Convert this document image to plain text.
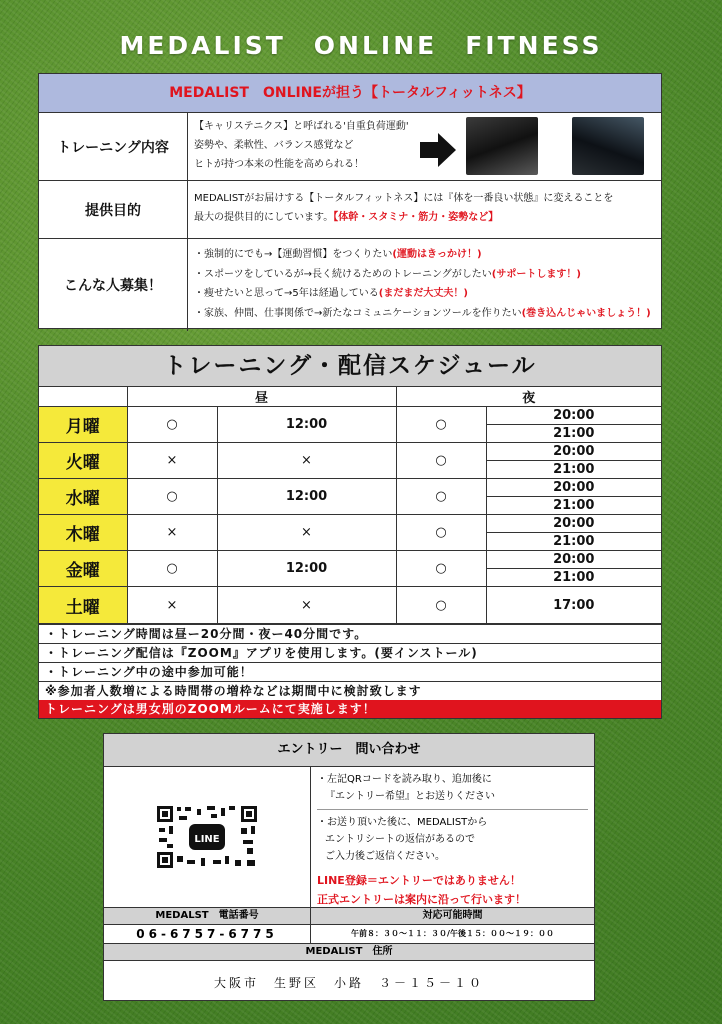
MEDALIST　ONLINE　FITNESS
MEDALIST　ONLINEが担う【トータルフィットネス】
トレーニング内容
【キャリステニクス】と呼ばれる'自重負荷運動'
姿勢や、柔軟性、バランス感覚など
ヒトが持つ本来の性能を高められる！
提供目的
MEDALISTがお届けする【トータルフィットネス】には『体を一番良い状態』に変えることを
最大の提供目的にしています。【体幹・スタミナ・筋力・姿勢など】
こんな人募集！
・強制的にでも→【運動習慣】をつくりたい(運動はきっかけ！)
・スポーツをしているが→長く続けるためのトレーニングがしたい(サポートします！)
・痩せたいと思って→5年は経過している(まだまだ大丈夫！)
・家族、仲間、仕事関係で→新たなコミュニケーションツールを作りたい(巻き込んじゃいましょう！)
トレーニング・配信スケジュール
	昼		夜	
月曜	○	12:00	○	20:00
				21:00
火曜	×	×	○	20:00
				21:00
水曜	○	12:00	○	20:00
				21:00
木曜	×	×	○	20:00
				21:00
金曜	○	12:00	○	20:00
				21:00
土曜	×	×	○	17:00
・トレーニング時間は昼ー20分間・夜ー40分間です。
・トレーニング配信は『ZOOM』アプリを使用します。(要インストール)
・トレーニング中の途中参加可能！
※参加者人数増による時間帯の増枠などは期間中に検討致します
トレーニングは男女別のZOOMルームにて実施します！
エントリー　問い合わせ
LINE
・左記QRコードを読み取り、追加後に
『エントリー希望』とお送りください
・お送り頂いた後に、MEDALISTから
エントリシートの返信があるので
ご入力後ご返信ください。
LINE登録＝エントリーではありません！
正式エントリーは案内に沿って行います！
MEDALST　電話番号
06-6757-6775
対応可能時間
午前８：３０～１１：３０/午後１５：００～１９：００
MEDALIST　住所
大阪市　生野区　小路　３－１５－１０
